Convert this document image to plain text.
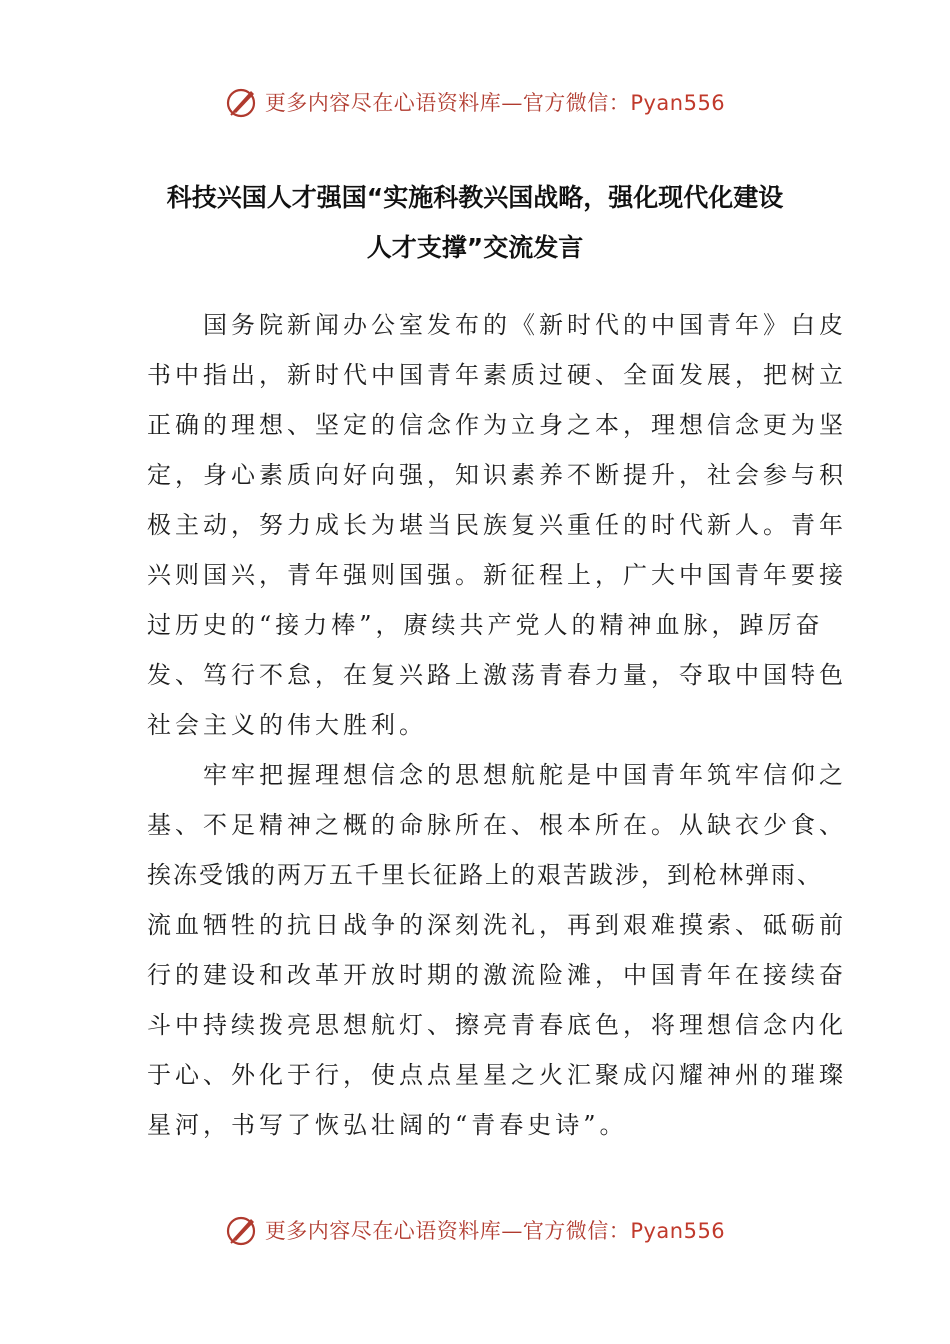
更多内容尽在心语资料库—官方微信：Pyan556
科技兴国人才强国“实施科教兴国战略，强化现代化建设
人才支撑”交流发言
　　国务院新闻办公室发布的《新时代的中国青年》白皮
书中指出，新时代中国青年素质过硬、全面发展，把树立
正确的理想、坚定的信念作为立身之本，理想信念更为坚
定，身心素质向好向强，知识素养不断提升，社会参与积
极主动，努力成长为堪当民族复兴重任的时代新人。青年
兴则国兴，青年强则国强。新征程上，广大中国青年要接
过历史的“接力棒”，赓续共产党人的精神血脉，踔厉奋
发、笃行不怠，在复兴路上激荡青春力量，夺取中国特色
社会主义的伟大胜利。
　　牢牢把握理想信念的思想航舵是中国青年筑牢信仰之
基、不足精神之概的命脉所在、根本所在。从缺衣少食、
挨冻受饿的两万五千里长征路上的艰苦跋涉，到枪林弹雨、
流血牺牲的抗日战争的深刻洗礼，再到艰难摸索、砥砺前
行的建设和改革开放时期的激流险滩，中国青年在接续奋
斗中持续拨亮思想航灯、擦亮青春底色，将理想信念内化
于心、外化于行，使点点星星之火汇聚成闪耀神州的璀璨
星河，书写了恢弘壮阔的“青春史诗”。
更多内容尽在心语资料库—官方微信：Pyan556
